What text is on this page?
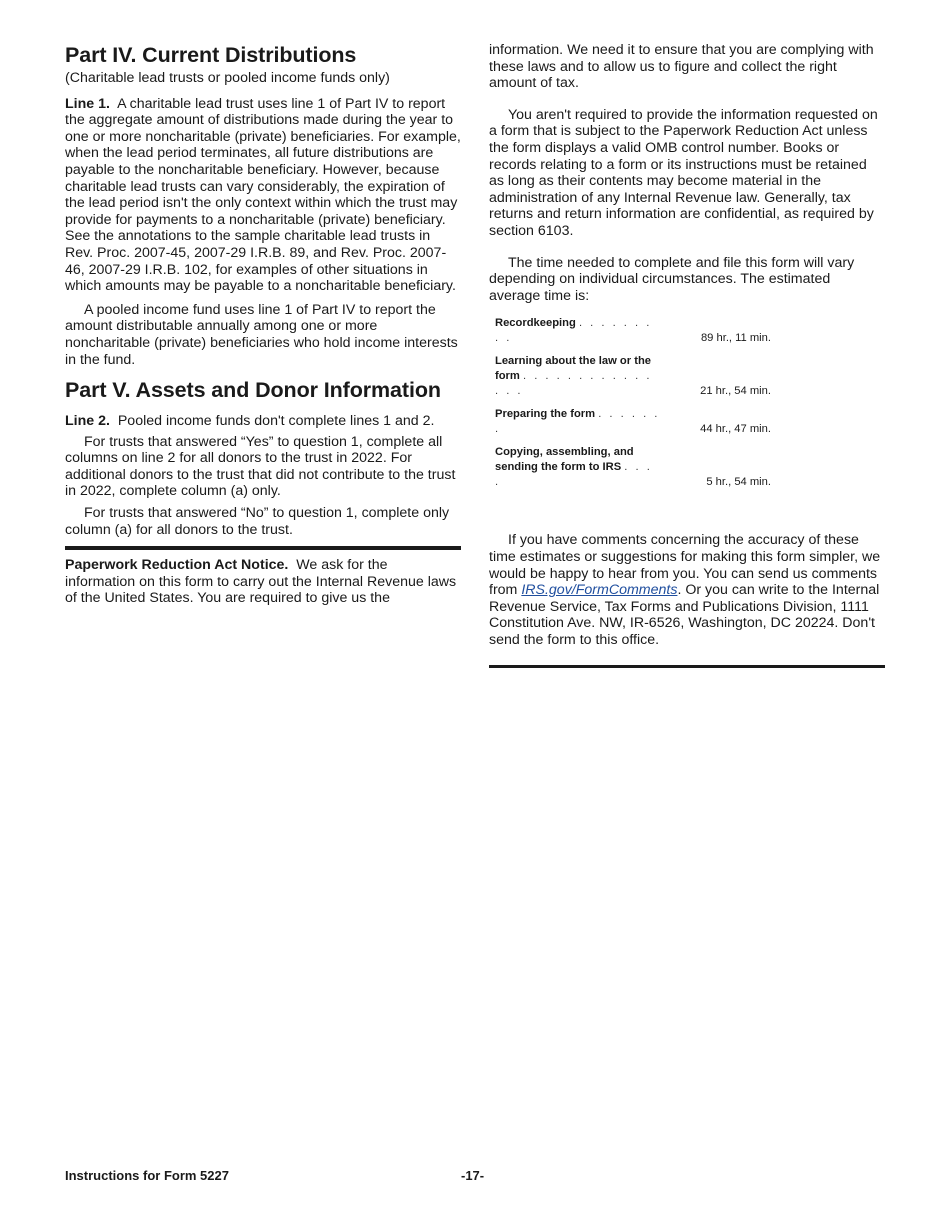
Part IV. Current Distributions

(Charitable lead trusts or pooled income funds only)

Line 1. A charitable lead trust uses line 1 of Part IV to report the aggregate amount of distributions made during the year to one or more noncharitable (private) beneficiaries. For example, when the lead period terminates, all future distributions are payable to the noncharitable beneficiary. However, because charitable lead trusts can vary considerably, the expiration of the lead period isn't the only context within which the trust may provide for payments to a noncharitable (private) beneficiary. See the annotations to the sample charitable lead trusts in Rev. Proc. 2007-45, 2007-29 I.R.B. 89, and Rev. Proc. 2007-46, 2007-29 I.R.B. 102, for examples of other situations in which amounts may be payable to a noncharitable beneficiary.

A pooled income fund uses line 1 of Part IV to report the amount distributable annually among one or more noncharitable (private) beneficiaries who hold income interests in the fund.

Part V. Assets and Donor Information

Line 2. Pooled income funds don't complete lines 1 and 2.

For trusts that answered “Yes” to question 1, complete all columns on line 2 for all donors to the trust in 2022. For additional donors to the trust that did not contribute to the trust in 2022, complete column (a) only.

For trusts that answered “No” to question 1, complete only column (a) for all donors to the trust.

Paperwork Reduction Act Notice. We ask for the information on this form to carry out the Internal Revenue laws of the United States. You are required to give us the

information. We need it to ensure that you are complying with these laws and to allow us to figure and collect the right amount of tax.

You aren't required to provide the information requested on a form that is subject to the Paperwork Reduction Act unless the form displays a valid OMB control number. Books or records relating to a form or its instructions must be retained as long as their contents may become material in the administration of any Internal Revenue law. Generally, tax returns and return information are confidential, as required by section 6103.

The time needed to complete and file this form will vary depending on individual circumstances. The estimated average time is:

Recordkeeping . . . . . . . . .	89 hr., 11 min.

Learning about the law or the
form . . . . . . . . . . . . . . .	21 hr., 54 min.

Preparing the form . . . . . . .	44 hr., 47 min.

Copying, assembling, and
sending the form to IRS . . . .	5 hr., 54 min.

If you have comments concerning the accuracy of these time estimates or suggestions for making this form simpler, we would be happy to hear from you. You can send us comments from IRS.gov/FormComments. Or you can write to the Internal Revenue Service, Tax Forms and Publications Division, 1111 Constitution Ave. NW, IR-6526, Washington, DC 20224. Don't send the form to this office.

Instructions for Form 5227	-17-
